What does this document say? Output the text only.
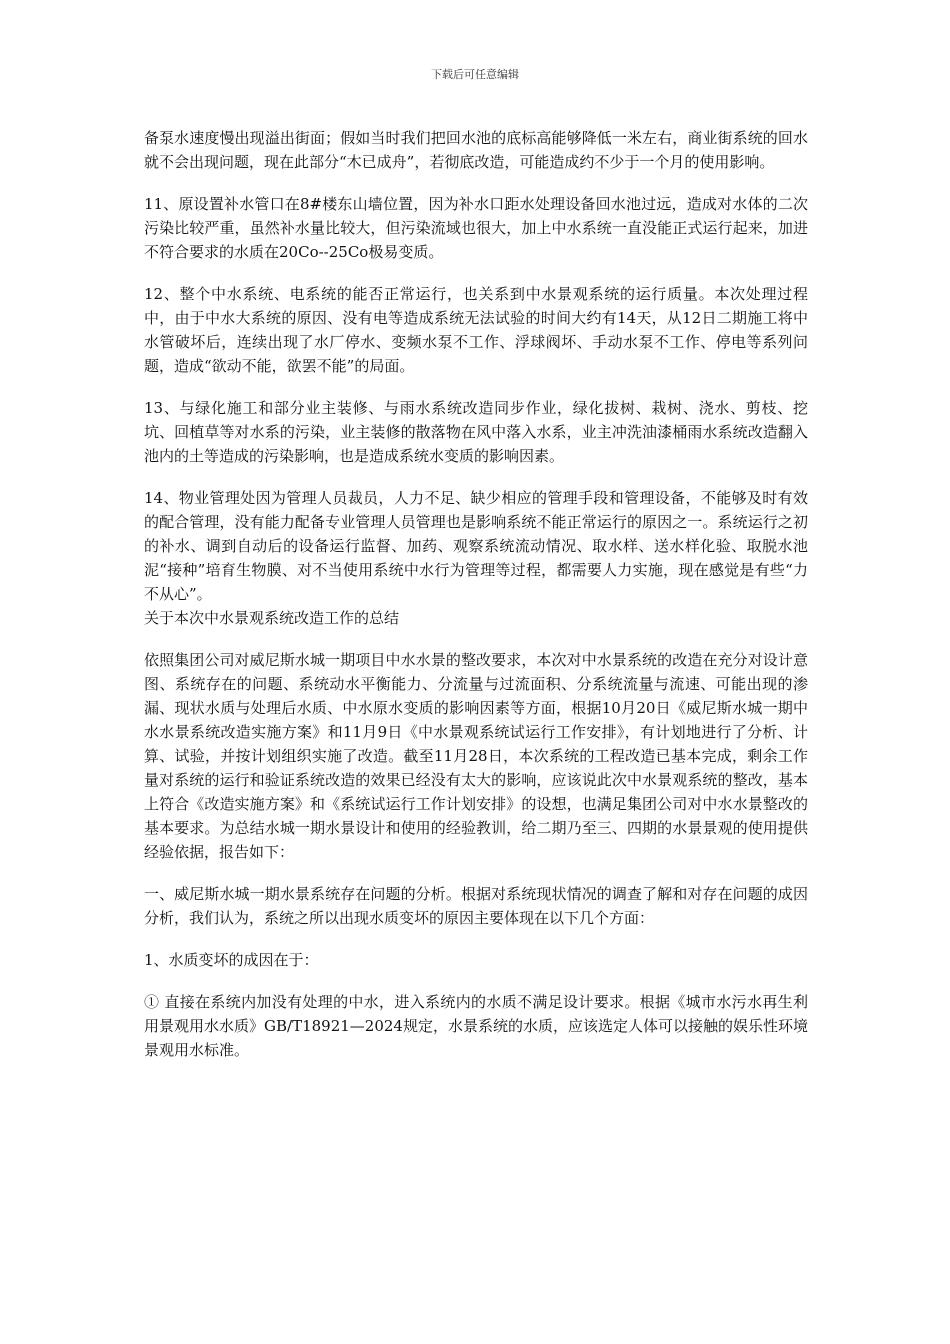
下载后可任意编辑

备泵水速度慢出现溢出街面；假如当时我们把回水池的底标高能够降低一米左右，商业街系统的回水就不会出现问题，现在此部分“木已成舟”，若彻底改造，可能造成约不少于一个月的使用影响。

11、原设置补水管口在8#楼东山墙位置，因为补水口距水处理设备回水池过远，造成对水体的二次污染比较严重，虽然补水量比较大，但污染流域也很大，加上中水系统一直没能正式运行起来，加进不符合要求的水质在20Co--25Co极易变质。

12、整个中水系统、电系统的能否正常运行，也关系到中水景观系统的运行质量。本次处理过程中，由于中水大系统的原因、没有电等造成系统无法试验的时间大约有14天，从12日二期施工将中水管破坏后，连续出现了水厂停水、变频水泵不工作、浮球阀坏、手动水泵不工作、停电等系列问题，造成“欲动不能，欲罢不能”的局面。

13、与绿化施工和部分业主装修、与雨水系统改造同步作业，绿化拔树、栽树、浇水、剪枝、挖坑、回植草等对水系的污染，业主装修的散落物在风中落入水系，业主冲洗油漆桶雨水系统改造翻入池内的土等造成的污染影响，也是造成系统水变质的影响因素。

14、物业管理处因为管理人员裁员，人力不足、缺少相应的管理手段和管理设备，不能够及时有效的配合管理，没有能力配备专业管理人员管理也是影响系统不能正常运行的原因之一。系统运行之初的补水、调到自动后的设备运行监督、加药、观察系统流动情况、取水样、送水样化验、取脱水池泥“接种”培育生物膜、对不当使用系统中水行为管理等过程，都需要人力实施，现在感觉是有些“力不从心”。

关于本次中水景观系统改造工作的总结

依照集团公司对威尼斯水城一期项目中水水景的整改要求，本次对中水景系统的改造在充分对设计意图、系统存在的问题、系统动水平衡能力、分流量与过流面积、分系统流量与流速、可能出现的渗漏、现状水质与处理后水质、中水原水变质的影响因素等方面，根据10月20日《威尼斯水城一期中水水景系统改造实施方案》和11月9日《中水景观系统试运行工作安排》，有计划地进行了分析、计算、试验，并按计划组织实施了改造。截至11月28日，本次系统的工程改造已基本完成，剩余工作量对系统的运行和验证系统改造的效果已经没有太大的影响，应该说此次中水景观系统的整改，基本上符合《改造实施方案》和《系统试运行工作计划安排》的设想，也满足集团公司对中水水景整改的基本要求。为总结水城一期水景设计和使用的经验教训，给二期乃至三、四期的水景景观的使用提供经验依据，报告如下：

一、威尼斯水城一期水景系统存在问题的分析。根据对系统现状情况的调查了解和对存在问题的成因分析，我们认为，系统之所以出现水质变坏的原因主要体现在以下几个方面：

1、水质变坏的成因在于：

① 直接在系统内加没有处理的中水，进入系统内的水质不满足设计要求。根据《城市水污水再生利用景观用水水质》GB/T18921—2024规定，水景系统的水质，应该选定人体可以接触的娱乐性环境景观用水标准。
